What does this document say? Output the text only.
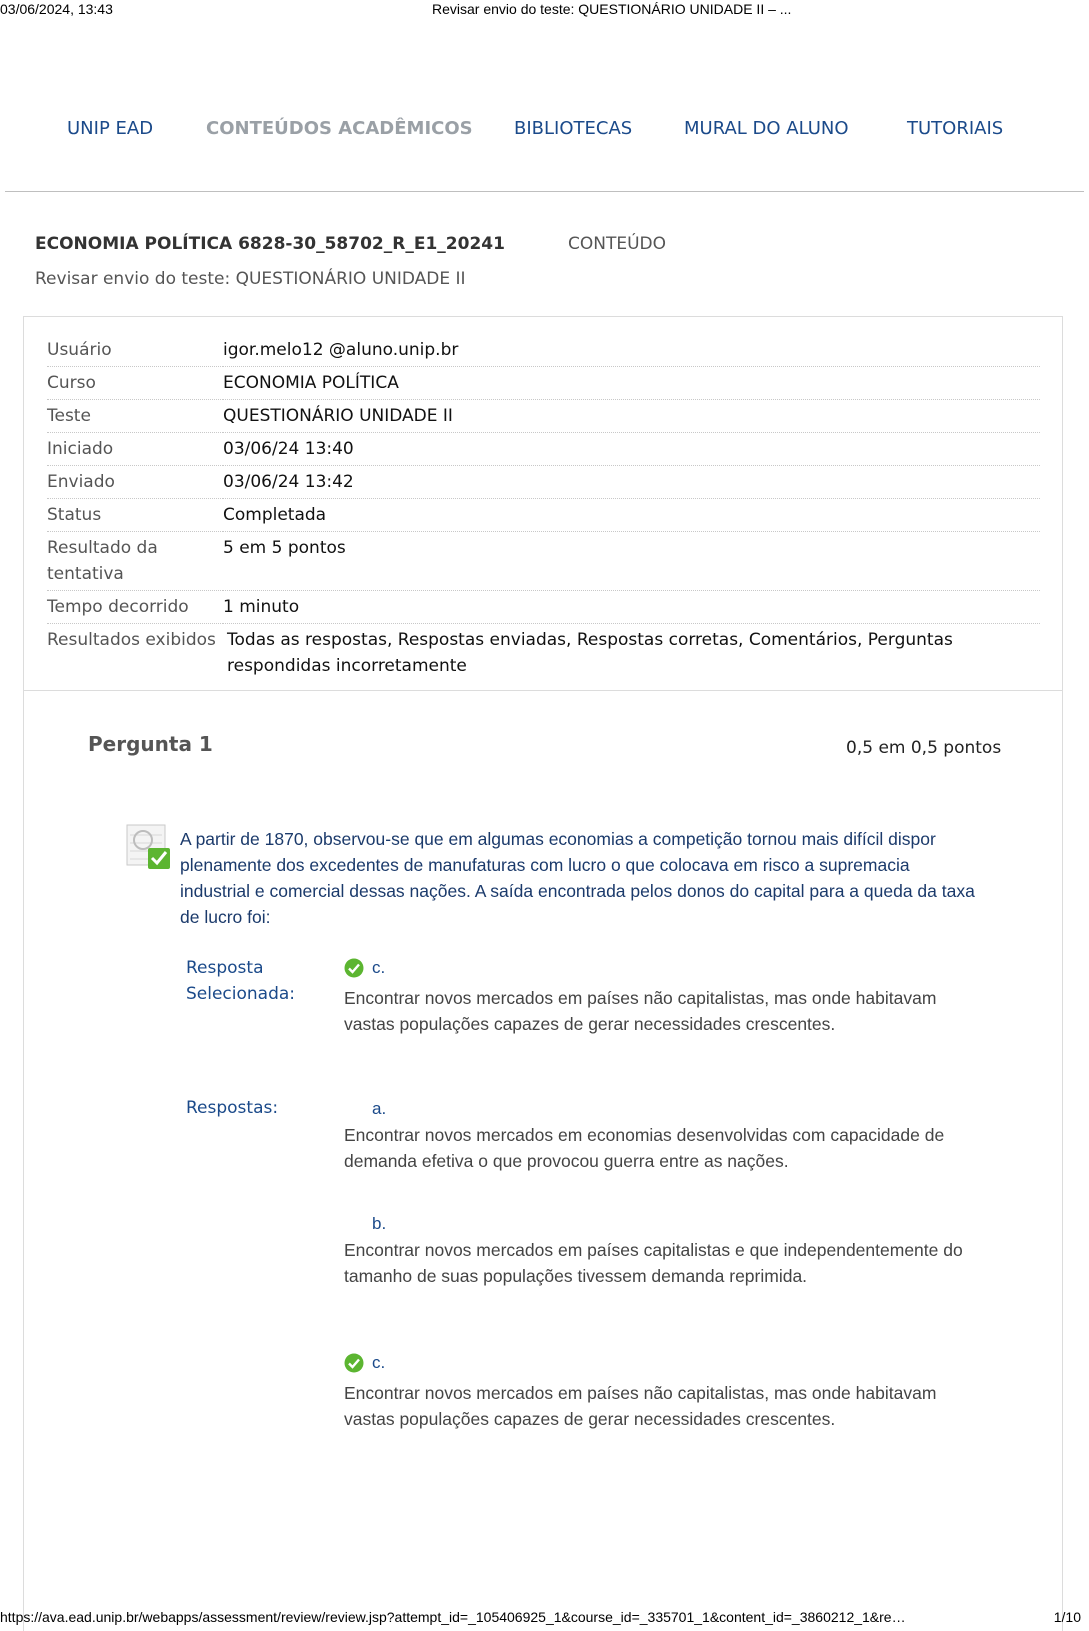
03/06/2024, 13:43	Revisar envio do teste: QUESTIONÁRIO UNIDADE II – ...
UNIP EAD	CONTEÚDOS ACADÊMICOS BIBLIOTECAS	MURAL DO ALUNO	TUTORIAIS
ECONOMIA POLÍTICA 6828-30_58702_R_E1_20241	CONTEÚDO
Revisar envio do teste: QUESTIONÁRIO UNIDADE II
Usuário	igor.melo12 @aluno.unip.br
Curso	ECONOMIA POLÍTICA
Teste	QUESTIONÁRIO UNIDADE II
Iniciado	03/06/24 13:40
Enviado	03/06/24 13:42
Status	Completada
Resultado da tentativa	5 em 5 pontos
Tempo decorrido	1 minuto
Resultados exibidos	Todas as respostas, Respostas enviadas, Respostas corretas, Comentários, Perguntas respondidas incorretamente
Pergunta 1	0,5 em 0,5 pontos
A partir de 1870, observou-se que em algumas economias a competição tornou mais difícil dispor plenamente dos excedentes de manufaturas com lucro o que colocava em risco a supremacia industrial e comercial dessas nações. A saída encontrada pelos donos do capital para a queda da taxa de lucro foi:
Resposta Selecionada:
c.
Encontrar novos mercados em países não capitalistas, mas onde habitavam vastas populações capazes de gerar necessidades crescentes.
Respostas:	a.
Encontrar novos mercados em economias desenvolvidas com capacidade de demanda efetiva o que provocou guerra entre as nações.
b.
Encontrar novos mercados em países capitalistas e que independentemente do tamanho de suas populações tivessem demanda reprimida.
c.
Encontrar novos mercados em países não capitalistas, mas onde habitavam vastas populações capazes de gerar necessidades crescentes.
https://ava.ead.unip.br/webapps/assessment/review/review.jsp?attempt_id=_105406925_1&course_id=_335701_1&content_id=_3860212_1&re…	1/10
